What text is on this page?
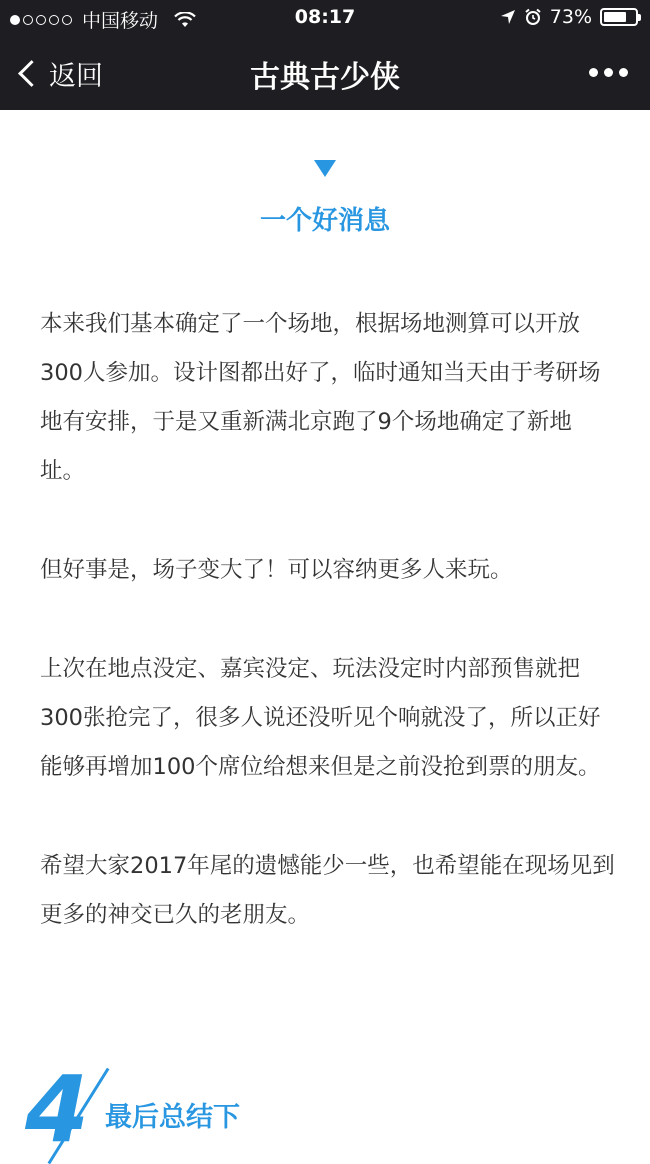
中国移动	08:17	73%
返回	古典古少侠
一个好消息

本来我们基本确定了一个场地，根据场地测算可以开放300人参加。设计图都出好了，临时通知当天由于考研场地有安排，于是又重新满北京跑了9个场地确定了新地址。

但好事是，场子变大了！可以容纳更多人来玩。

上次在地点没定、嘉宾没定、玩法没定时内部预售就把300张抢完了，很多人说还没听见个响就没了，所以正好能够再增加100个席位给想来但是之前没抢到票的朋友。

希望大家2017年尾的遗憾能少一些，也希望能在现场见到更多的神交已久的老朋友。

4 最后总结下
